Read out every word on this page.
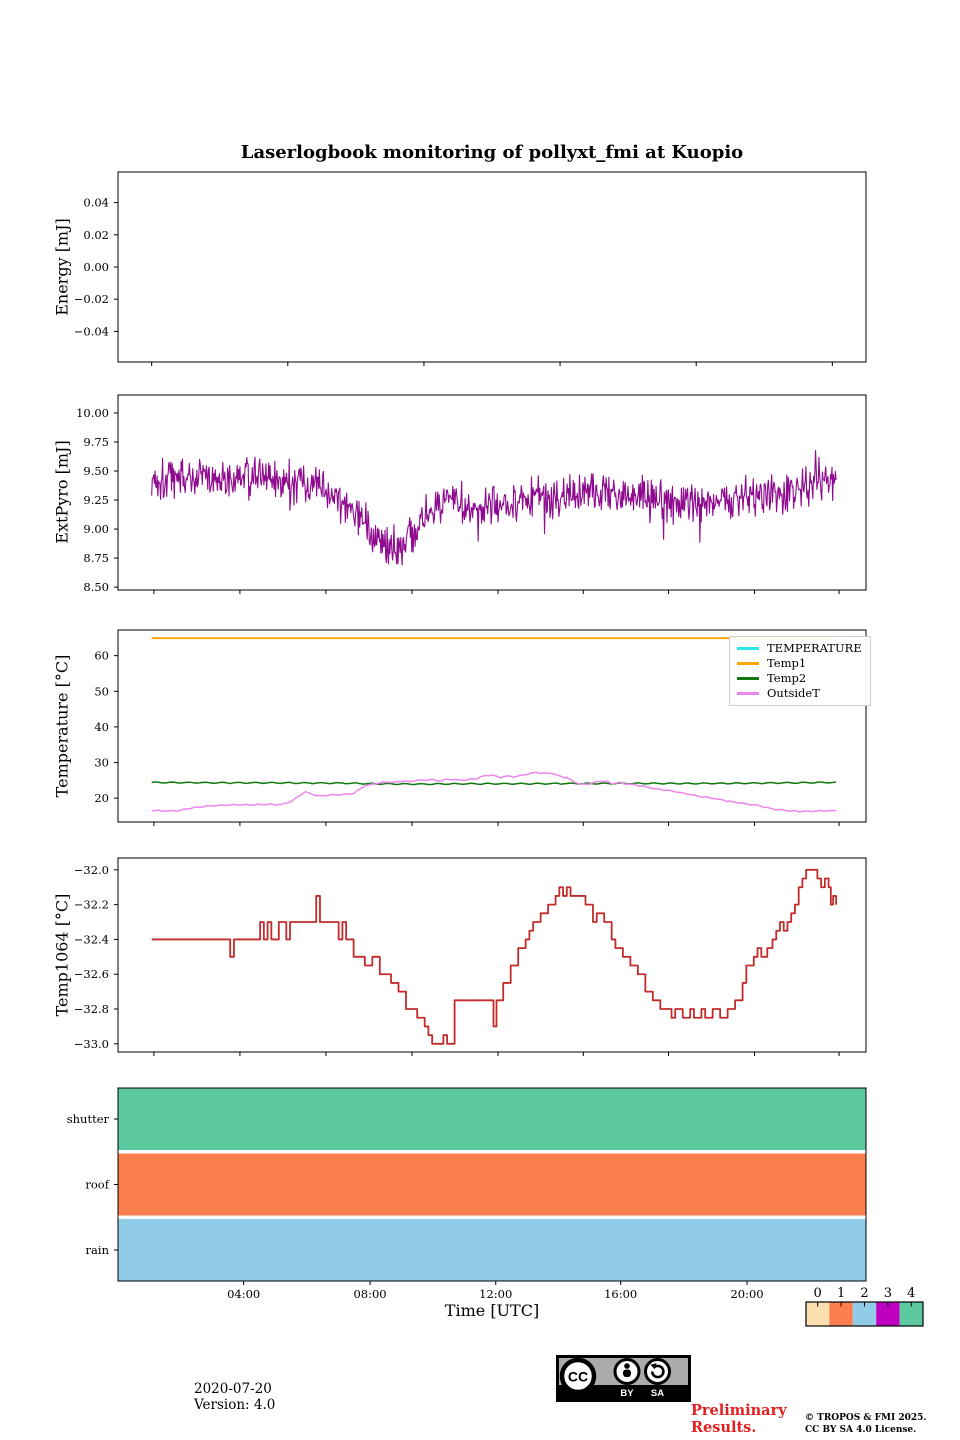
Laserlogbook monitoring of pollyxt_fmi at Kuopio
Energy [mJ]
ExtPyro [mJ]
Temperature [°C]
Temp1064 [°C]
0.04
0.02
0.00
−0.02
−0.04
10.00
9.75
9.50
9.25
9.00
8.75
8.50
60
50
40
30
20
−32.0
−32.2
−32.4
−32.6
−32.8
−33.0
shutter
roof
rain
04:00	08:00	12:00	16:00	20:00	0 1 2 3 4
TEMPERATURE
Temp1
Temp2
OutsideT
Time [UTC]
2020-07-20
Version: 4.0
CC
BY SA
Preliminary
Results.
© TROPOS & FMI 2025.
CC BY SA 4.0 License.
